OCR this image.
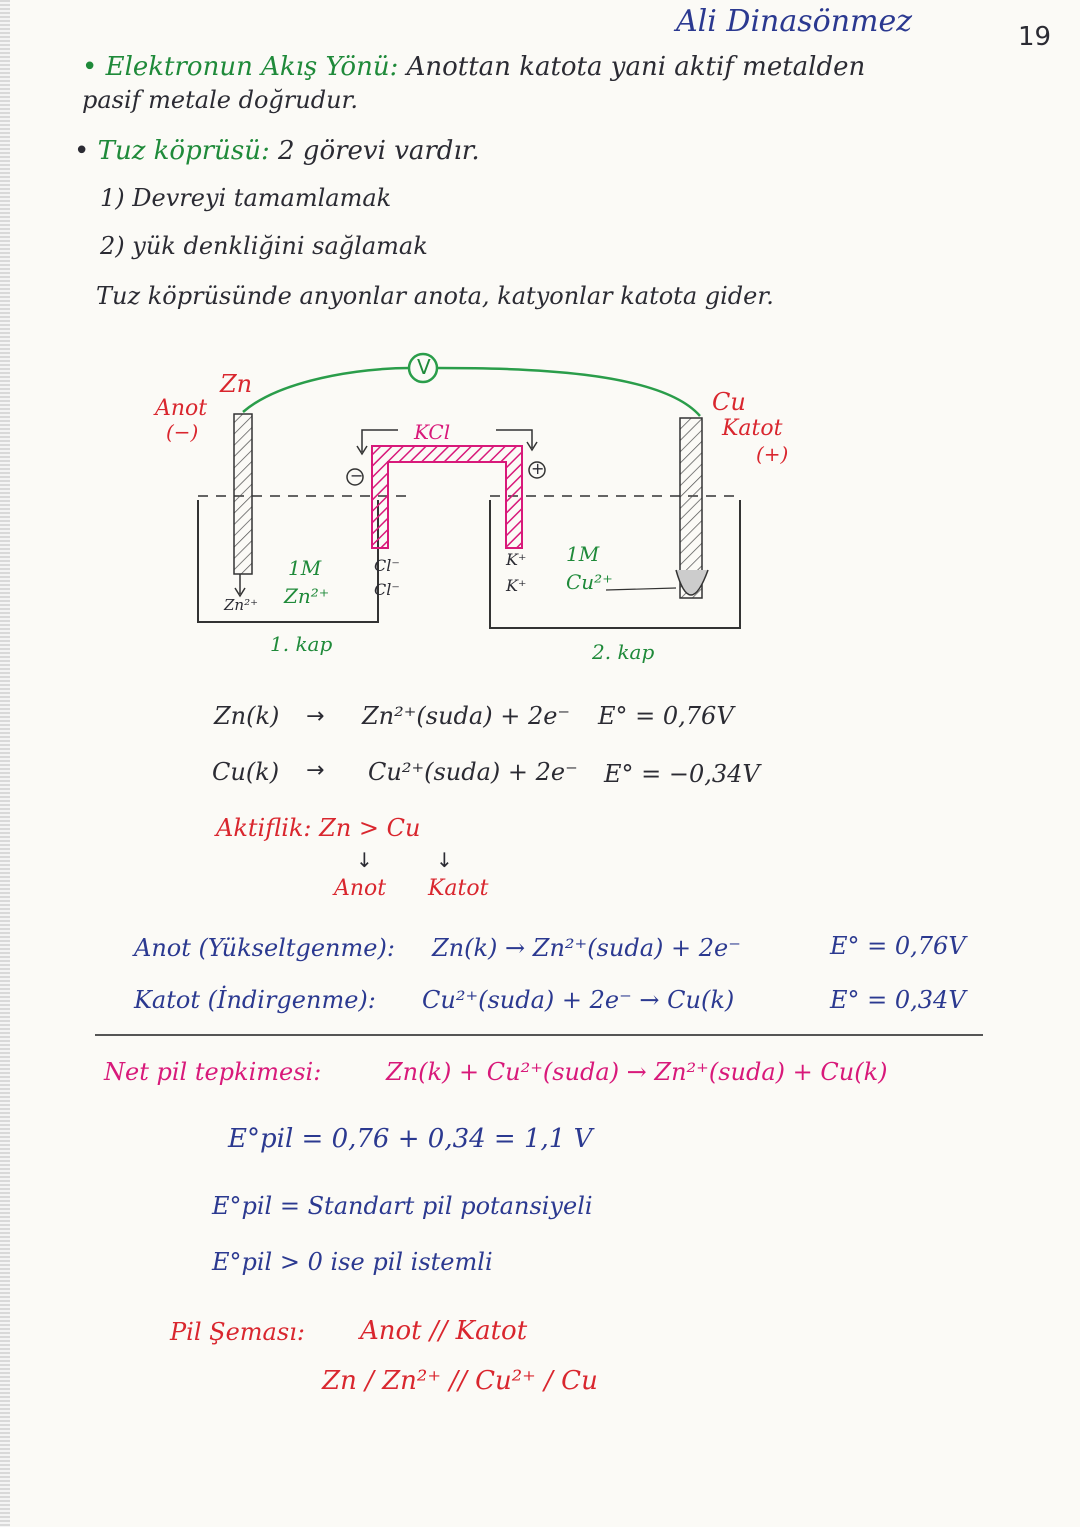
Ali Dinasönmez	19
• Elektronun Akış Yönü: Anottan katota yani aktif metalden
pasif metale doğrudur.
• Tuz köprüsü: 2 görevi vardır.
1) Devreyi tamamlamak
2) yük denkliğini sağlamak
Tuz köprüsünde anyonlar anota, katyonlar katota gider.
V
Zn
Anot
(−)
Cu
Katot
(+)
KCl
−	+
Cl⁻
Cl⁻
K⁺
K⁺
1M
Zn²⁺
Zn²⁺
1M
Cu²⁺
1. kap	2. kap
Zn(k) → Zn²⁺(suda) + 2e⁻ E° = 0,76V
Cu(k) → Cu²⁺(suda) + 2e⁻ E° = −0,34V
Aktiflik: Zn > Cu
↓	↓
Anot Katot
Anot (Yükseltgenme): Zn(k) → Zn²⁺(suda) + 2e⁻	E° = 0,76V
Katot (İndirgenme): Cu²⁺(suda) + 2e⁻ → Cu(k)	E° = 0,34V
Net pil tepkimesi:	Zn(k) + Cu²⁺(suda) → Zn²⁺(suda) + Cu(k)
E°pil = 0,76 + 0,34 = 1,1 V
E°pil = Standart pil potansiyeli
E°pil > 0 ise pil istemli
Pil Şeması: Anot // Katot
Zn / Zn²⁺ // Cu²⁺ / Cu
